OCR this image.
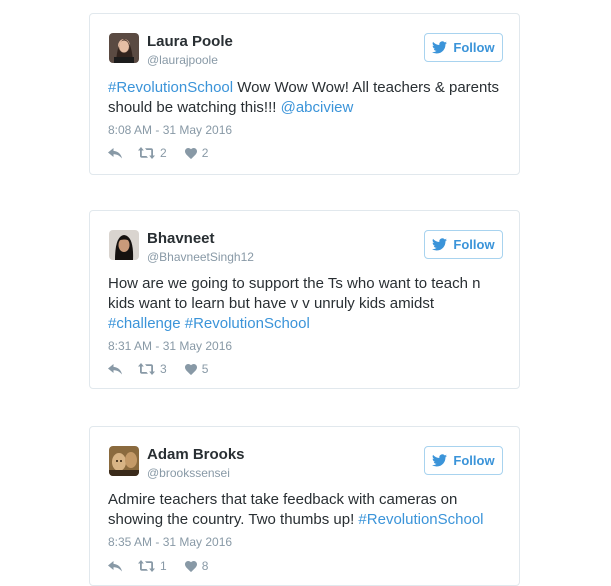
Laura Poole
@laurajpoole
Follow
#RevolutionSchool Wow Wow Wow! All teachers & parents should be watching this!!! @abciview
8:08 AM - 31 May 2016
2	2
Bhavneet
@BhavneetSingh12
Follow
How are we going to support the Ts who want to teach n kids want to learn but have v v unruly kids amidst #challenge #RevolutionSchool
8:31 AM - 31 May 2016
3	5
Adam Brooks
@brookssensei
Follow
Admire teachers that take feedback with cameras on showing the country. Two thumbs up! #RevolutionSchool
8:35 AM - 31 May 2016
1	8
